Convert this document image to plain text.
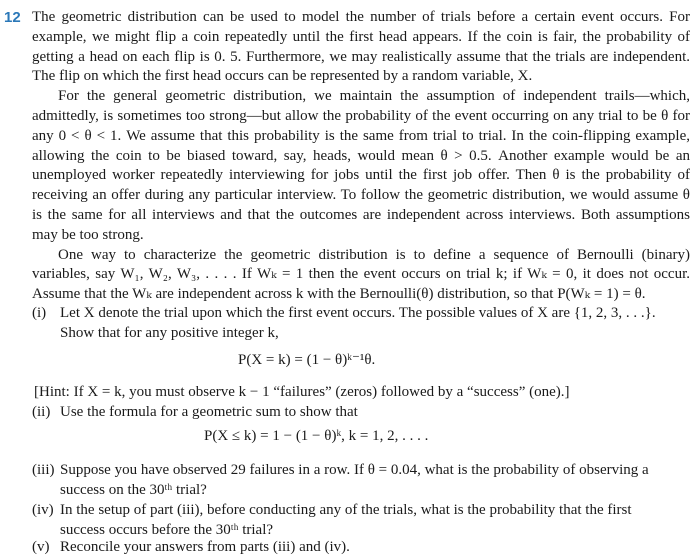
12 The geometric distribution can be used to model the number of trials before a certain event occurs. For example, we might flip a coin repeatedly until the first head appears. If the coin is fair, the probability of getting a head on each flip is 0. 5. Furthermore, we may realistically assume that the trials are independent. The flip on which the first head occurs can be represented by a random variable, X.

For the general geometric distribution, we maintain the assumption of independent trails—which, admittedly, is sometimes too strong—but allow the probability of the event occurring on any trial to be θ for any 0 < θ < 1. We assume that this probability is the same from trial to trial. In the coin-flipping example, allowing the coin to be biased toward, say, heads, would mean θ > 0.5. Another example would be an unemployed worker repeatedly interviewing for jobs until the first job offer. Then θ is the probability of receiving an offer during any particular interview. To follow the geometric distribution, we would assume θ is the same for all interviews and that the outcomes are independent across interviews. Both assumptions may be too strong.

One way to characterize the geometric distribution is to define a sequence of Bernoulli (binary) variables, say W₁, W₂, W₃, . . . . If Wₖ = 1 then the event occurs on trial k; if Wₖ = 0, it does not occur. Assume that the Wₖ are independent across k with the Bernoulli(θ) distribution, so that P(Wₖ = 1) = θ.

(i) Let X denote the trial upon which the first event occurs. The possible values of X are {1, 2, 3, . . .}. Show that for any positive integer k,
P(X = k) = (1 − θ)ᵏ⁻¹θ.
[Hint: If X = k, you must observe k − 1 “failures” (zeros) followed by a “success” (one).]
(ii) Use the formula for a geometric sum to show that
P(X ≤ k) = 1 − (1 − θ)ᵏ, k = 1, 2, . . . .
(iii) Suppose you have observed 29 failures in a row. If θ = 0.04, what is the probability of observing a success on the 30ᵗʰ trial?
(iv) In the setup of part (iii), before conducting any of the trials, what is the probability that the first success occurs before the 30ᵗʰ trial?
(v) Reconcile your answers from parts (iii) and (iv).
